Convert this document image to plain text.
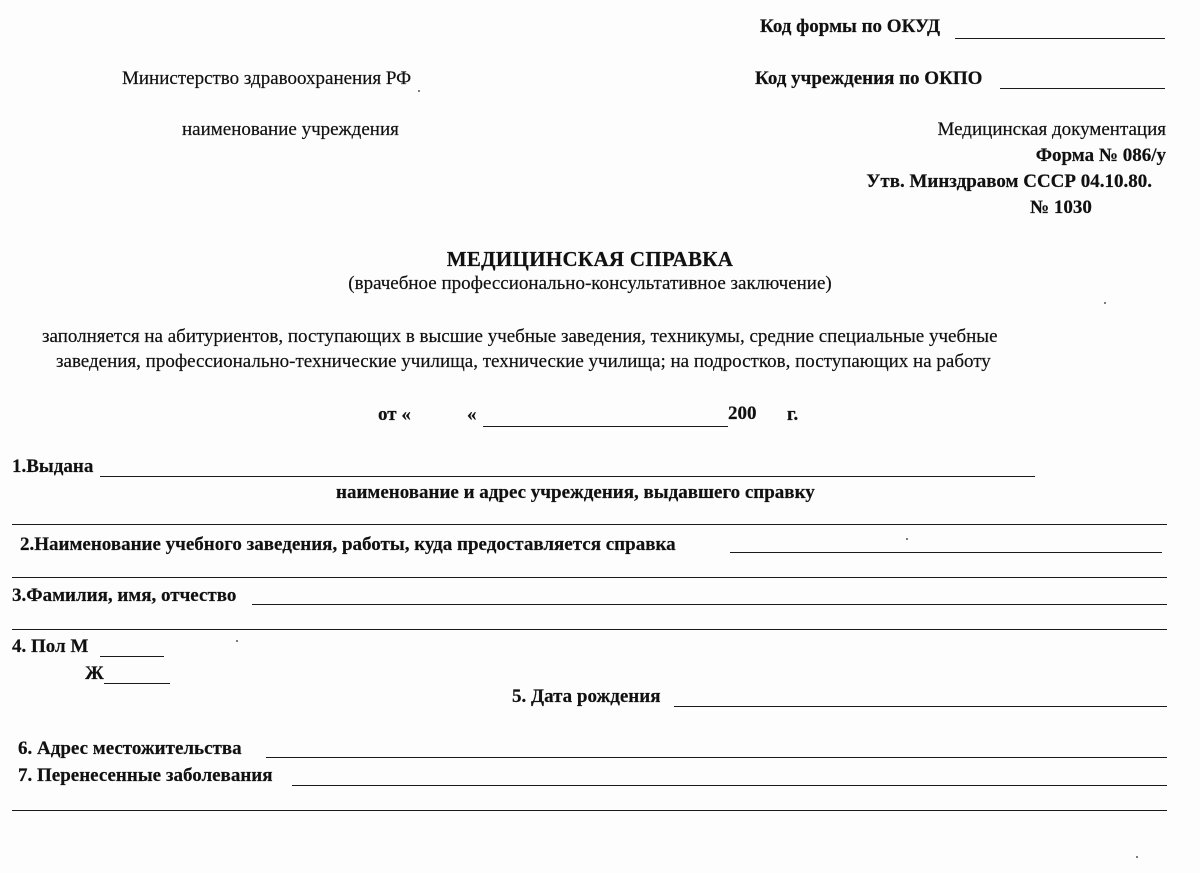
Код формы по ОКУД
Министерство здравоохранения РФ	Код учреждения по ОКПО
наименование учреждения	Медицинская документация
Форма № 086/у
Утв. Минздравом СССР 04.10.80.
№ 1030
МЕДИЦИНСКАЯ СПРАВКА
(врачебное профессионально-консультативное заключение)
заполняется на абитуриентов, поступающих в высшие учебные заведения, техникумы, средние специальные учебные
заведения, профессионально-технические училища, технические училища; на подростков, поступающих на работу
от «	«	200 г.
1.Выдана
наименование и адрес учреждения, выдавшего справку
2.Наименование учебного заведения, работы, куда предоставляется справка
3.Фамилия, имя, отчество
4. Пол М
Ж
5. Дата рождения
6. Адрес местожительства
7. Перенесенные заболевания
